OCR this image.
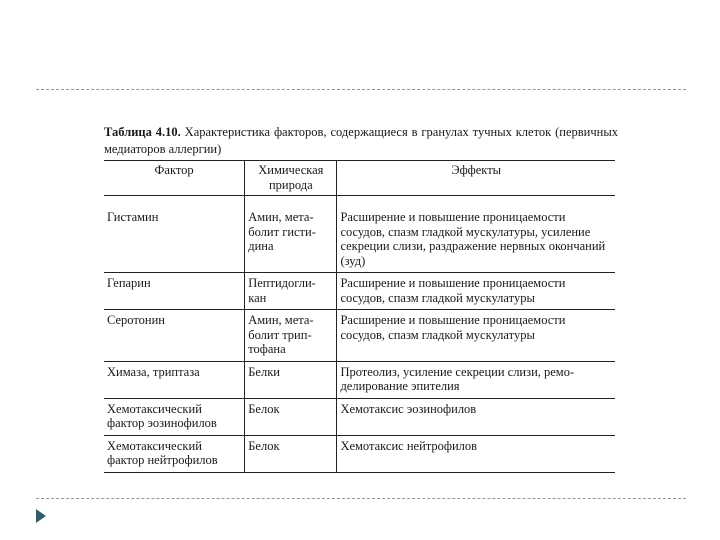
Таблица 4.10. Характеристика факторов, содержащиеся в гранулах тучных клеток (первичных медиаторов аллергии)
Фактор	Химическая природа	Эффекты
Гистамин	Амин, мета-болит гисти-дина	Расширение и повышение проницаемости сосудов, спазм гладкой мускулатуры, усиление секреции слизи, раздражение нервных окончаний (зуд)
Гепарин	Пептидогли-кан	Расширение и повышение проницаемости сосудов, спазм гладкой мускулатуры
Серотонин	Амин, мета-болит трип-тофана	Расширение и повышение проницаемости сосудов, спазм гладкой мускулатуры
Химаза, триптаза	Белки	Протеолиз, усиление секреции слизи, ремо-делирование эпителия
Хемотаксический фактор эозинофилов	Белок	Хемотаксис эозинофилов
Хемотаксический фактор нейтрофилов	Белок	Хемотаксис нейтрофилов
